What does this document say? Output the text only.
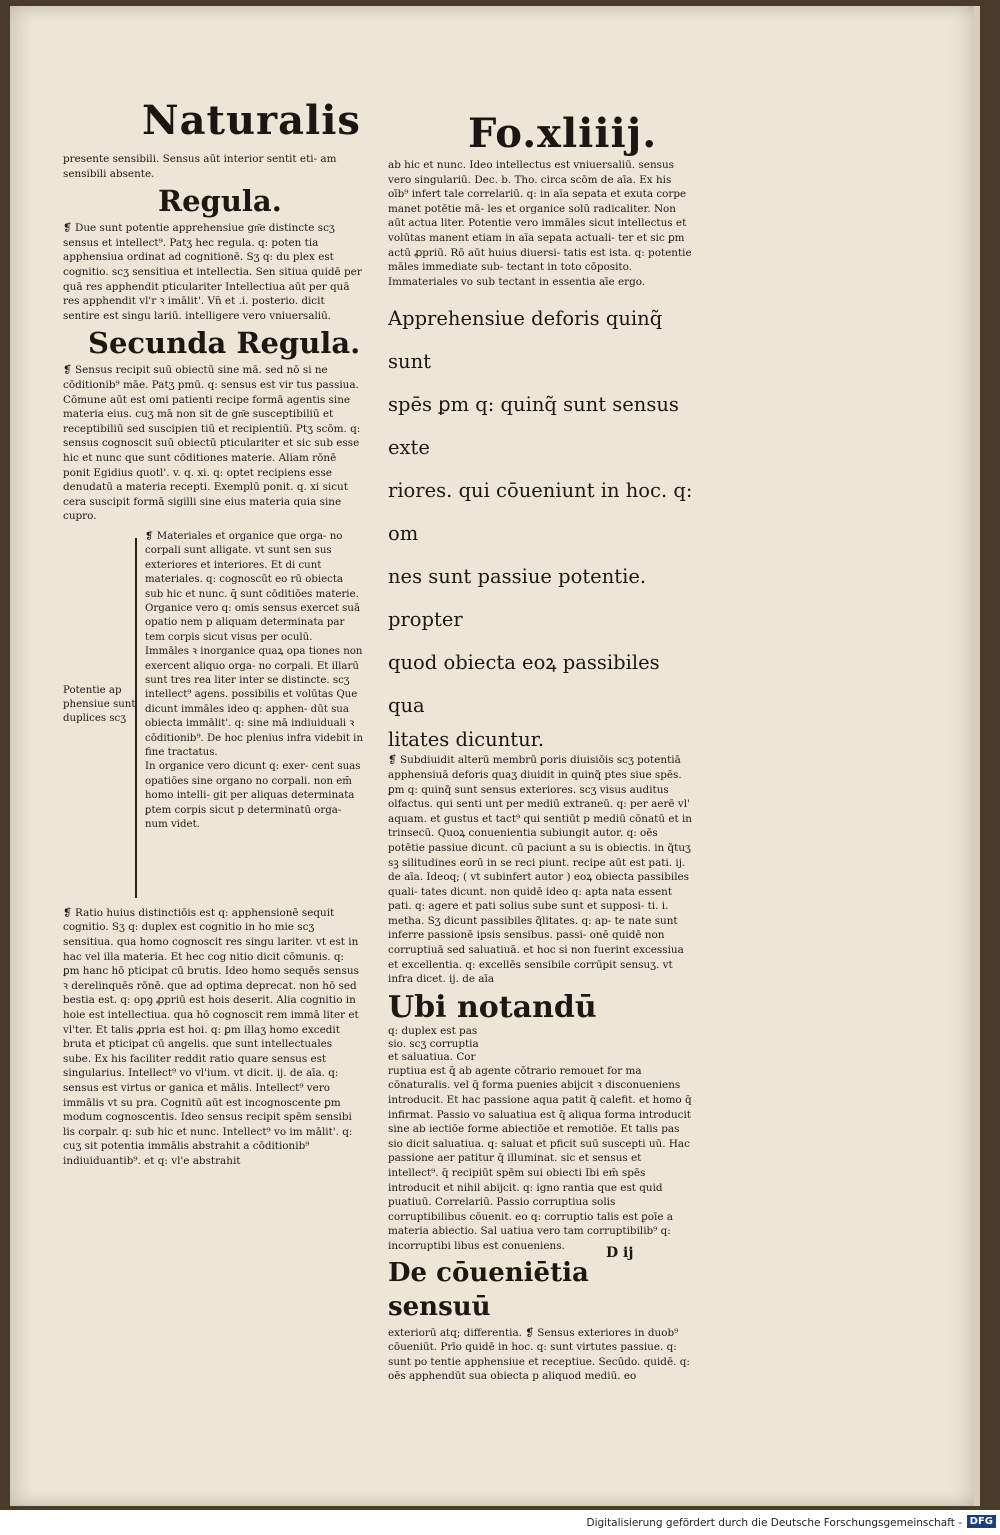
Naturalis	Fo.xliiij.

presente sensibili. Sensus aūt interior sentit eti- am sensibili absente.

Regula.

❡ Due sunt potentie apprehensiue gn͂e distincte scʒ sensus et intellect⁹. Patʒ hec regula. q: poten tia apphensiua ordinat ad cognitionē. Sʒ q: du plex est cognitio. scʒ sensitiua et intellectia. Sen sitiua quidē per quā res apphendit pticulariter Intellectiua aūt per quā res apphendit vl'r ꝛ imālit'. Vn̄ et .i. posterio. dicit sentire est singu lariū. intelligere vero vniuersaliū.

Secunda Regula.

❡ Sensus recipit suū obiectū sine mā. sed nō si ne cōditionib⁹ māe. Patʒ pmū. q: sensus est vir tus passiua. Cōmune aūt est omi patienti recipe formā agentis sine materia eius. cuʒ mā non sit de gn͂e susceptibiliū et receptibiliū sed suscipien tiū et recipientiū. Ptʒ scōm. q: sensus cognoscit suū obiectū pticulariter et sic sub esse hic et nunc que sunt cōditiones materie. Aliam rōnē ponit Egidius quotl'. v. q. xi. q: optet recipiens esse denudatū a materia recepti. Exemplū ponit. q. xi sicut cera suscipit formā sigilli sine eius materia quia sine cupro.

Potentie ap phensiue sunt duplices scʒ

❡ Materiales et organice que orga- no corpali sunt alligate. vt sunt sen sus exteriores et interiores. Et di cunt materiales. q: cognoscūt eo rū obiecta sub hic et nunc. q̄ sunt cōditiōes materie. Organice vero q: omis sensus exercet suā opatio nem p aliquam determinata par tem corpis sicut visus per oculū.

Immāles ꝛ inorganice quaꝝ opa tiones non exercent aliquo orga- no corpali. Et illarū sunt tres rea liter inter se distincte. scʒ intellect⁹ agens. possibilis et volūtas Que dicunt immāles ideo q: apphen- dūt sua obiecta immālit'. q: sine mā indiuiduali ꝛ cōditionib⁹. De hoc plenius infra videbit in fine tractatus.

In organice vero dicunt q: exer- cent suas opatiōes sine organo no corpali. non em̄ homo intelli- git per aliquas determinata ꝑtem corpis sicut p determinatū orga- num videt.

❡ Ratio huius distinctiōis est q: apphensionē sequit cognitio. Sʒ q: duplex est cognitio in ho mie scʒ sensitiua. qua homo cognoscit res singu lariter. vt est in hac vel illa materia. Et hec cog nitio dicit cōmunis. q: ꝑm hanc hō pticipat cū brutis. Ideo homo sequēs sensus ꝛ derelinquēs rōnē. que ad optima deprecat. non hō sed bestia est. q: opꝯ ꝓpriū est hois deserit. Alia cognitio in hoie est intellectiua. qua hō cognoscit rem immā liter et vl'ter. Et talis ꝓpria est hoi. q: ꝑm illaʒ homo excedit bruta et pticipat cū angelis. que sunt intellectuales sube. Ex his faciliter reddit ratio quare sensus est singularius. Intellect⁹ vo vl'ium. vt dicit. ij. de aīa. q: sensus est virtus or ganica et mālis. Intellect⁹ vero immālis vt su pra. Cognitū aūt est incognoscente ꝑm modum cognoscentis. Ideo sensus recipit spēm sensibi lis corpalr. q: sub hic et nunc. Intellect⁹ vo im mālit'. q: cuʒ sit potentia immālis abstrahit a cōditionib⁹ indiuiduantib⁹. et q: vl'e abstrahit

ab hic et nunc. Ideo intellectus est vniuersaliū. sensus vero singulariū. Dec. b. Tho. circa scōm de aīa. Ex his oīb⁹ infert tale correlariū. q: in aīa sepata et exuta corpe manet potētie mā- les et organice solū radicaliter. Non aūt actua liter. Potentie vero immāles sicut intellectus et volūtas manent etiam in aīa sepata actuali- ter et sic ꝑm actū ꝓpriū. Rō aūt huius diuersi- tatis est ista. q: potentie māles immediate sub- tectant in toto cōposito. Immateriales vo sub tectant in essentia aīe ergo.

Apprehensiue deforis quinq̃ sunt

spēs ꝑm q: quinq̃ sunt sensus exte

riores. qui cōueniunt in hoc. q: om

nes sunt passiue potentie. propter

quod obiecta eoꝝ passibiles qua

litates dicuntur.

❡ Subdiuidit alterū membrū ꝑoris diuisiōis scʒ potentiā apphensiuā deforis quaʒ diuidit in quinq̃ ptes siue spēs. ꝑm q: quinq̃ sunt sensus exteriores. scʒ visus auditus olfactus. qui senti unt per mediū extraneū. q: per aerē vl' aquam. et gustus et tact⁹ qui sentiūt p mediū cōnatū et in trinsecū. Quoꝝ conuenientia subiungit autor. q: oēs potētie passiue dicunt. cū paciunt a su is obiectis. in q̃tuʒ sꝫ silitudines eorū in se reci piunt. recipe aūt est pati. ij. de aīa. Ideoq; ( vt subinfert autor ) eoꝝ obiecta passibiles quali- tates dicunt. non quidē ideo q: apta nata essent pati. q: agere et pati solius sube sunt et supposi- ti. i. metha. Sʒ dicunt passibiles q̃litates. q: ap- te nate sunt inferre passionē ipsis sensibus. passi- onē quidē non corruptiuā sed saluatiuā. et hoc si non fuerint excessiua et excellentia. q: excellēs sensibile corrūpit sensuʒ. vt infra dicet. ij. de aīa

Ubi notandūq: duplex est pas sio. scʒ corruptia et saluatiua. Cor

ruptiua est q̄ ab agente cōtrario remouet for ma cōnaturalis. vel q̄ forma puenies abijcit ꝛ disconueniens introducit. Et hac passione aqua patit q̄ calefit. et homo q̄ infirmat. Passio vo saluatiua est q̄ aliqua forma introducit sine ab iectiōe forme abiectiōe et remotiōe. Et talis pas sio dicit saluatiua. q: saluat et pficit suū suscepti uū. Hac passione aer patitur q̄ illuminat. sic et sensus et intellect⁹. q̄ recipiūt spēm sui obiecti Ibi em̄ spēs introducit et nihil abijcit. q: igno rantia que est quid puatiuū. Correlariū. Passio corruptiua solis corruptibilibus cōuenit. eo q: corruptio talis est ꝑoīe a materia abiectio. Sal uatiua vero tam corruptibilib⁹ q: incorruptibi libus est conueniens.

De cōueniētia sensuū

exteriorū atq; differentia. ❡ Sensus exteriores in duob⁹ cōueniūt. Prīo quidē in hoc. q: sunt virtutes passiue. q: sunt po tentie apphensiue et receptiue. Secūdo. quidē. q: oēs apphendūt sua obiecta p aliquod mediū. eo

D ij
Digitalisierung gefördert durch die Deutsche Forschungsgemeinschaft - DFG
